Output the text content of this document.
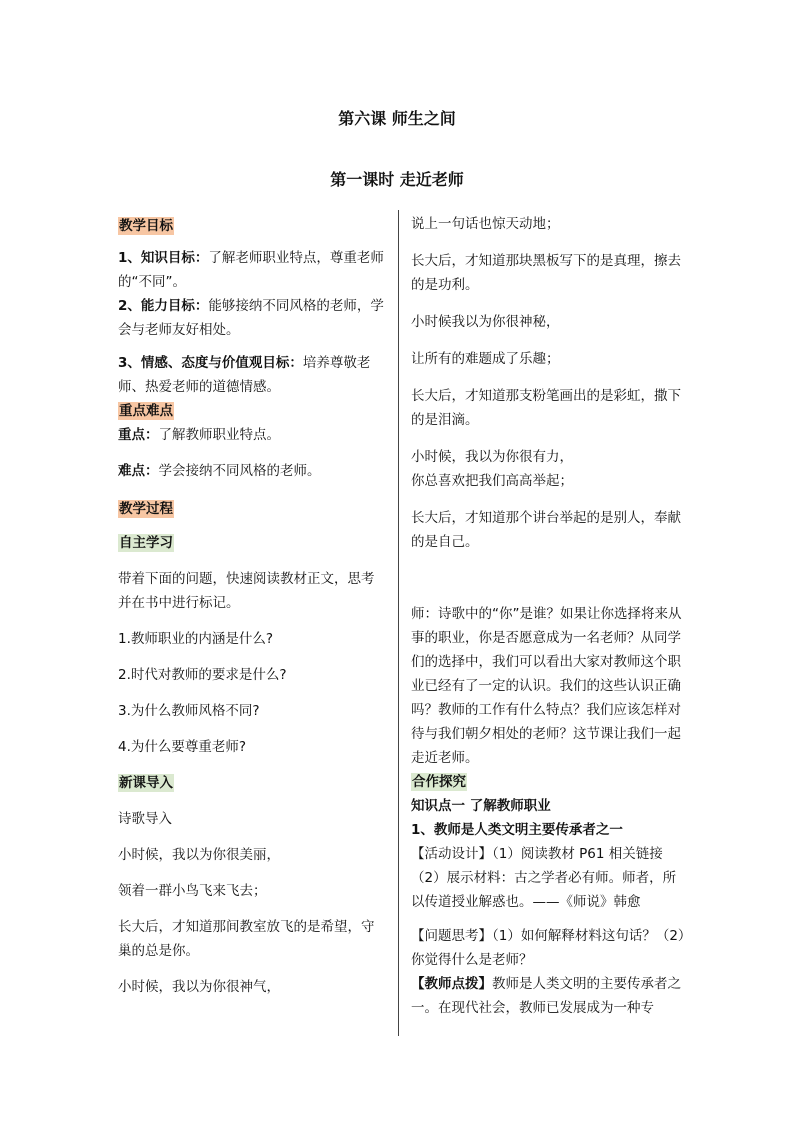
第六课 师生之间
第一课时 走近老师

教学目标

1、知识目标：了解老师职业特点，尊重老师的“不同”。

2、能力目标：能够接纳不同风格的老师，学会与老师友好相处。

3、情感、态度与价值观目标：培养尊敬老师、热爱老师的道德情感。

重点难点

重点：了解教师职业特点。

难点：学会接纳不同风格的老师。

教学过程

自主学习

带着下面的问题，快速阅读教材正文，思考并在书中进行标记。

1.教师职业的内涵是什么?

2.时代对教师的要求是什么?

3.为什么教师风格不同?

4.为什么要尊重老师?

新课导入

诗歌导入

小时候，我以为你很美丽，

领着一群小鸟飞来飞去；

长大后，才知道那间教室放飞的是希望，守巢的总是你。

小时候，我以为你很神气，

说上一句话也惊天动地；

长大后，才知道那块黑板写下的是真理，擦去的是功利。

小时候我以为你很神秘，

让所有的难题成了乐趣；

长大后，才知道那支粉笔画出的是彩虹，撒下的是泪滴。

小时候，我以为你很有力，

你总喜欢把我们高高举起；

长大后，才知道那个讲台举起的是别人，奉献的是自己。

师：诗歌中的“你”是谁？如果让你选择将来从事的职业，你是否愿意成为一名老师？从同学们的选择中，我们可以看出大家对教师这个职业已经有了一定的认识。我们的这些认识正确吗？教师的工作有什么特点？我们应该怎样对待与我们朝夕相处的老师？这节课让我们一起走近老师。

合作探究

知识点一 了解教师职业

1、教师是人类文明主要传承者之一

【活动设计】（1）阅读教材 P61 相关链接（2）展示材料：古之学者必有师。师者，所以传道授业解惑也。——《师说》韩愈

【问题思考】（1）如何解释材料这句话？（2）你觉得什么是老师？

【教师点拨】教师是人类文明的主要传承者之一。在现代社会，教师已发展成为一种专
